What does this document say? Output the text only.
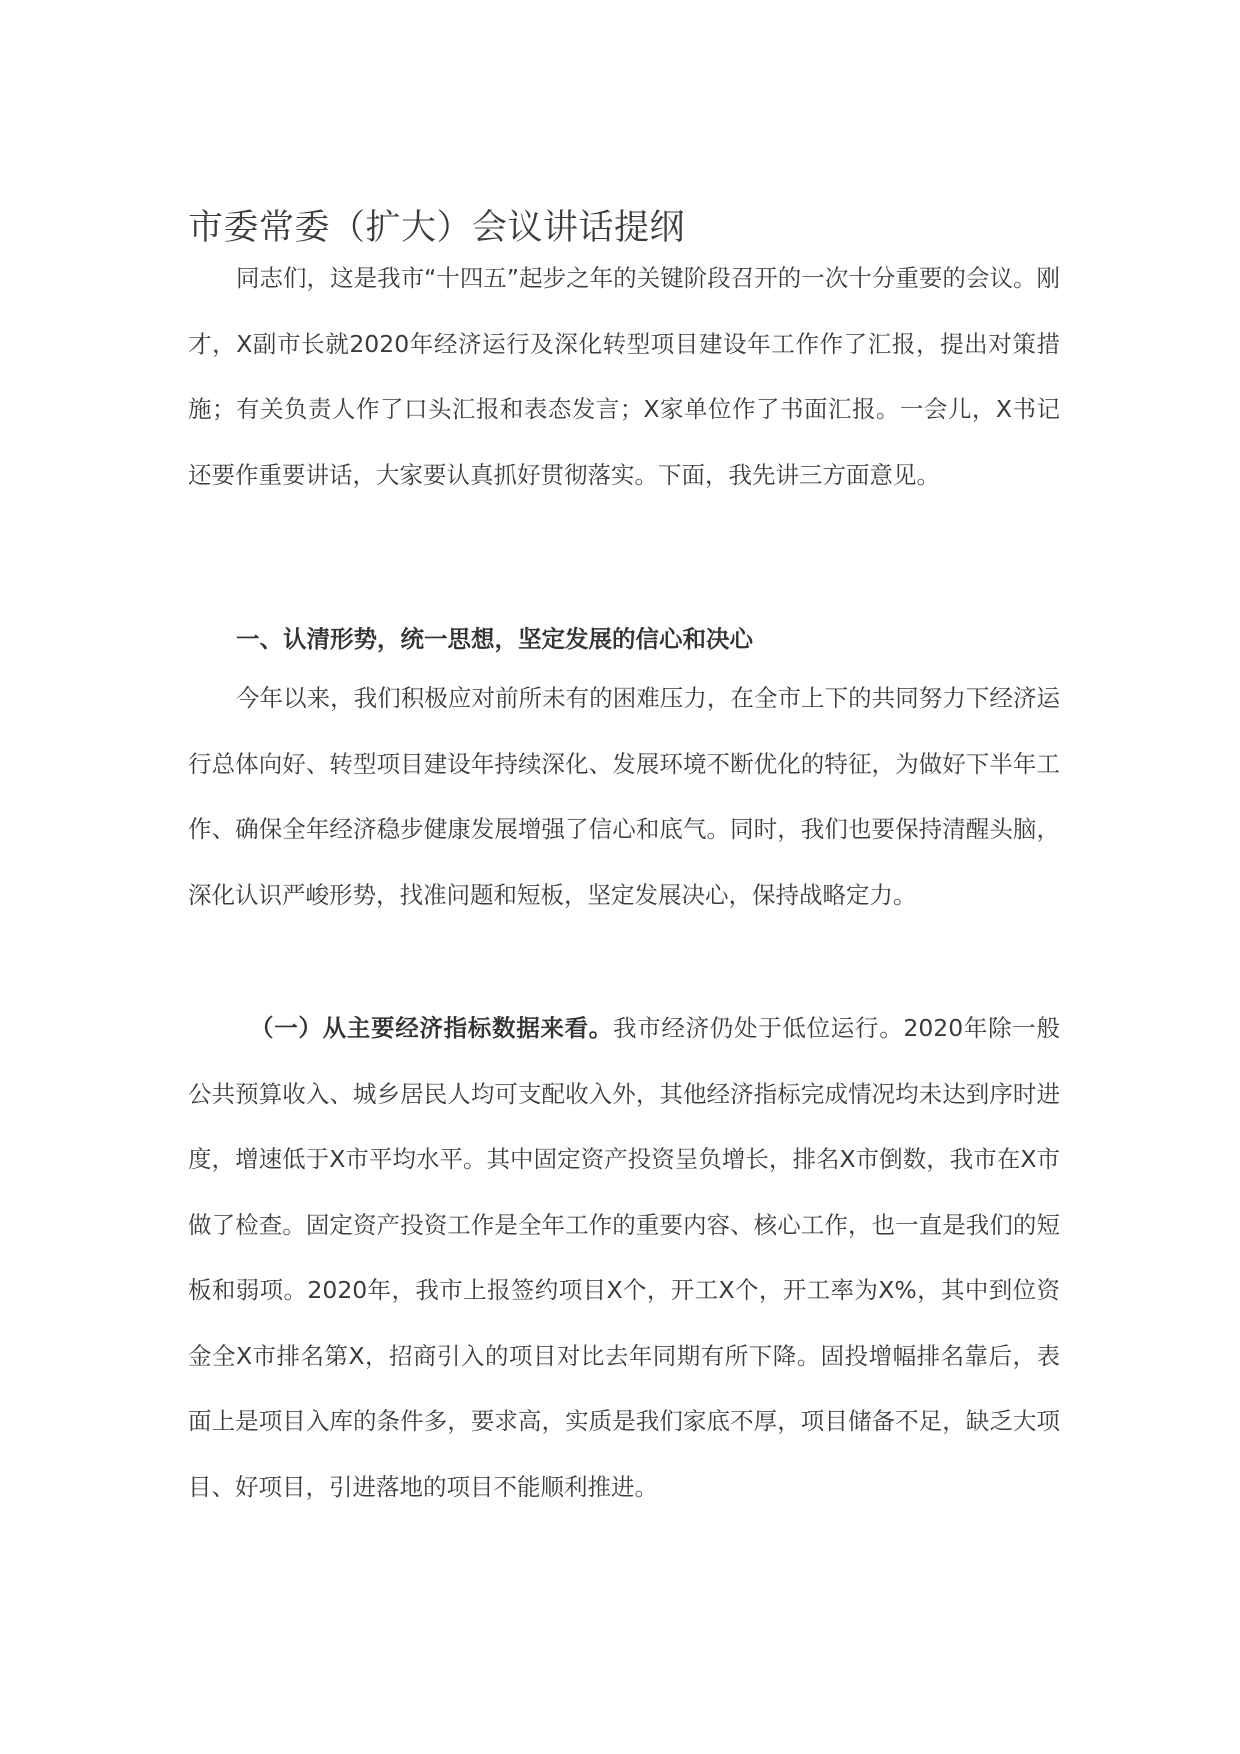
市委常委（扩大）会议讲话提纲

同志们，这是我市“十四五”起步之年的关键阶段召开的一次十分重要的会议。刚才，X副市长就2020年经济运行及深化转型项目建设年工作作了汇报，提出对策措施；有关负责人作了口头汇报和表态发言；X家单位作了书面汇报。一会儿，X书记还要作重要讲话，大家要认真抓好贯彻落实。下面，我先讲三方面意见。

一、认清形势，统一思想，坚定发展的信心和决心

今年以来，我们积极应对前所未有的困难压力，在全市上下的共同努力下经济运行总体向好、转型项目建设年持续深化、发展环境不断优化的特征，为做好下半年工作、确保全年经济稳步健康发展增强了信心和底气。同时，我们也要保持清醒头脑，深化认识严峻形势，找准问题和短板，坚定发展决心，保持战略定力。

（一）从主要经济指标数据来看。我市经济仍处于低位运行。2020年除一般公共预算收入、城乡居民人均可支配收入外，其他经济指标完成情况均未达到序时进度，增速低于X市平均水平。其中固定资产投资呈负增长，排名X市倒数，我市在X市做了检查。固定资产投资工作是全年工作的重要内容、核心工作，也一直是我们的短板和弱项。2020年，我市上报签约项目X个，开工X个，开工率为X%，其中到位资金全X市排名第X，招商引入的项目对比去年同期有所下降。固投增幅排名靠后，表面上是项目入库的条件多，要求高，实质是我们家底不厚，项目储备不足，缺乏大项目、好项目，引进落地的项目不能顺利推进。
